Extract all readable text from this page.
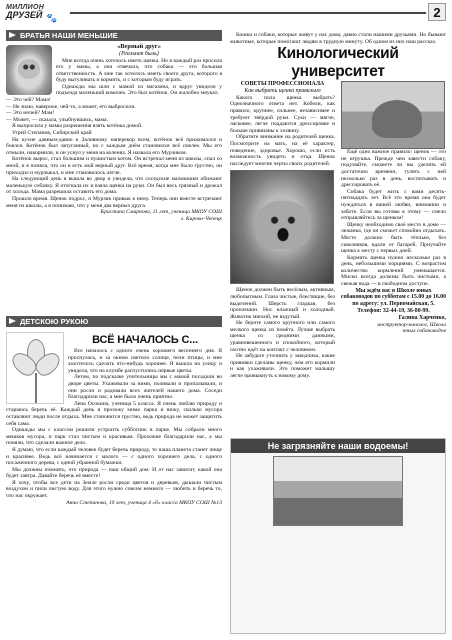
МИЛЛИОН
ДРУЗЕЙ 🐾	2
БРАТЬЯ НАШИ МЕНЬШИЕ
«Верный друг»
(Реальная быль)
Мне всегда очень хотелось иметь щенка. Но я каждый раз просила его у мамы, а она отвечала, что собака — это большая ответственность. А мне так хотелось иметь своего друга, которого я буду выгуливать и кормить, и с которым буду играть.
Однажды мы шли с мамой из магазина, и вдруг увидели у подъезда маленький комочек. Это был котёнок. Он жалобно мяукал.
— Это чей? Мама!
— Не знаю, наверное, чей-то, а может, его выбросили.
— Это ничей? Мам!
— Может, — сказала, улыбнувшись, мама.
Я выпросила у мамы разрешения взять котёнка домой.
Угрей Степанов, Сибирский край
На кухне давным-давно к Заливному наперекор всем, котёнок всё прижимался и боялся. Котёнок был запуганный, но с каждым днём становился всё смелее. Мы его отмыли, накормили, и он уснул у меня на коленях. Я назвала его Мурзиком.
Котёнок вырос, стал большим и пушистым котом. Он встречал меня из школы, спал со мной, и я поняла, что он и есть мой верный друг. Всё время, когда мне было грустно, он приходил и мурлыкал, и мне становилось легче.
На следующий день я вышла во двор и увидела, что соседские мальчишки обижают маленькую собачку. Я отогнала их и взяла щенка на руки. Он был весь грязный и дрожал от холода. Мама разрешила оставить его дома.
Прошло время. Щенок подрос, и Мурзик привык к нему. Теперь они вместе встречают меня из школы, а я понимаю, что у меня два верных друга.
Кристина Смирнова, 11 лет, ученица МКОУ СОШ
г. Кирово-Чепецк
ДЕТСКОЮ РУКОЮ
ВСЁ НАЧАЛОСЬ С...
Все началось с одного очень хорошего весеннего дня. Я проснулась, и за окном светило солнце, пели птицы, и мне захотелось сделать что-нибудь хорошее. Я вышла на улицу и увидела, что на клумбе распустились первые цветы.
Летом, по подсказке учительницы мы с мамой посадили во дворе цветы. Ухаживали за ними, поливали и пропалывали, и они росли и радовали всех жителей нашего дома. Соседи благодарили нас, а мне было очень приятно.
Лена Осокина, ученица 5 класса. Я очень люблю природу и стараюсь беречь её. Каждый день я прохожу мимо парка и вижу, сколько мусора оставляют люди после отдыха. Мне становится грустно, ведь природа не может защитить себя сама.
Однажды мы с классом решили устроить субботник в парке. Мы собрали много мешков мусора, и парк стал чистым и красивым. Прохожие благодарили нас, а мы поняли, что сделали важное дело.
Я думаю, что если каждый человек будет беречь природу, то наша планета станет чище и красивее. Ведь всё начинается с малого — с одного хорошего дела, с одного посаженного дерева, с одной убранной бумажки.
Мы должны помнить, что природа — наш общий дом. И от нас зависит, какой она будет завтра. Давайте беречь её вместе!
Я хочу, чтобы все дети на Земле росли среди цветов и деревьев, дышали чистым воздухом и пили чистую воду. Для этого нужно совсем немного — любить и беречь то, что нас окружает.
Анна Степанова, 10 лет, ученица 4 «б» класса МКОУ СОШ №13
Кошки и собаки, которые живут у нас дома, давно стали нашими друзьями. Но бывают животные, которые помогают людям в трудную минуту. Об одном из них наш рассказ.
Кинологический университет
СОВЕТЫ ПРОФЕССИОНАЛА
Как выбрать щенка правильно
Какого пола щенка выбрать? Однозначного ответа нет. Кобели, как правило, крупнее, сильнее, независимее и требуют твёрдой руки. Суки — мягче, ласковее, легче поддаются дрессировке и больше привязаны к хозяину.
Обратите внимание на родителей щенка. Посмотрите на мать, на её характер, поведение, здоровье. Хорошо, если есть возможность увидеть и отца. Щенок наследует многие черты своих родителей.
Щенок должен быть весёлым, активным, любопытным. Глаза чистые, блестящие, без выделений. Шерсть гладкая, без проплешин. Нос влажный и холодный. Животик мягкий, не вздутый.
Не берите самого крупного или самого мелкого щенка из помёта. Лучше выбрать щенка со средними данными, уравновешенного и спокойного, который охотно идёт на контакт с человеком.
Не забудьте уточнить у заводчика, какие прививки сделаны щенку, чем его кормили и как ухаживали. Это поможет малышу легче привыкнуть к новому дому.
Ещё одно важное правило: щенок — это не игрушка. Прежде чем завести собаку, подумайте, сможете ли вы уделять ей достаточно времени, гулять с ней несколько раз в день, воспитывать и дрессировать её.
Собака будет жить с вами десять-пятнадцать лет. Всё это время она будет нуждаться в вашей любви, внимании и заботе. Если вы готовы к этому — смело отправляйтесь за щенком!
Щенку необходимо своё место в доме — лежанка, где он сможет спокойно отдыхать. Место должно быть тёплым, без сквозняков, вдали от батарей. Приучайте щенка к месту с первых дней.
Кормить щенка нужно несколько раз в день, небольшими порциями. С возрастом количество кормлений уменьшается. Миски всегда должны быть чистыми, а свежая вода — в свободном доступе.
Мы ждём вас в Школе юных собаководов по субботам с 15.00 до 16.00 по адресу: ул. Первомайская, 5.
Телефон: 32-44-19, 36-80-99.
Галина Харченко,
инструктор-кинолог, Школа
юных собаководов
Не загрязняйте наши водоемы!
